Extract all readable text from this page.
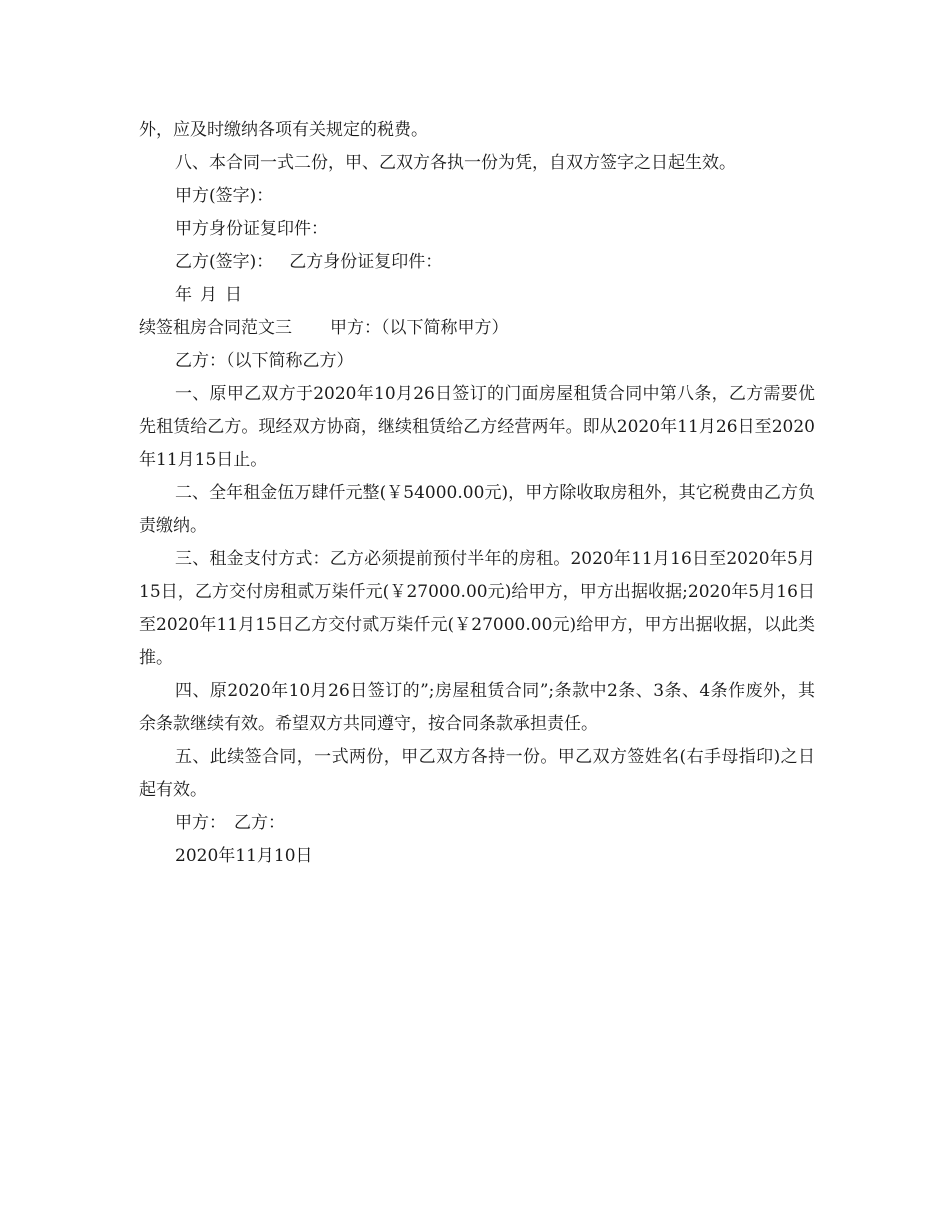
外，应及时缴纳各项有关规定的税费。

八、本合同一式二份，甲、乙双方各执一份为凭，自双方签字之日起生效。

甲方(签字)：

甲方身份证复印件：

乙方(签字)： 乙方身份证复印件：

年 月 日

续签租房合同范文三 甲方：（以下简称甲方）

乙方：（以下简称乙方）

一、原甲乙双方于2020年10月26日签订的门面房屋租赁合同中第八条，乙方需要优先租赁给乙方。现经双方协商，继续租赁给乙方经营两年。即从2020年11月26日至2020年11月15日止。

二、全年租金伍万肆仟元整(￥54000.00元)，甲方除收取房租外，其它税费由乙方负责缴纳。

三、租金支付方式：乙方必须提前预付半年的房租。2020年11月16日至2020年5月15日，乙方交付房租贰万柒仟元(￥27000.00元)给甲方，甲方出据收据;2020年5月16日至2020年11月15日乙方交付贰万柒仟元(￥27000.00元)给甲方，甲方出据收据，以此类推。

四、原2020年10月26日签订的”;房屋租赁合同”;条款中2条、3条、4条作废外，其余条款继续有效。希望双方共同遵守，按合同条款承担责任。

五、此续签合同，一式两份，甲乙双方各持一份。甲乙双方签姓名(右手母指印)之日起有效。

甲方： 乙方：

2020年11月10日
